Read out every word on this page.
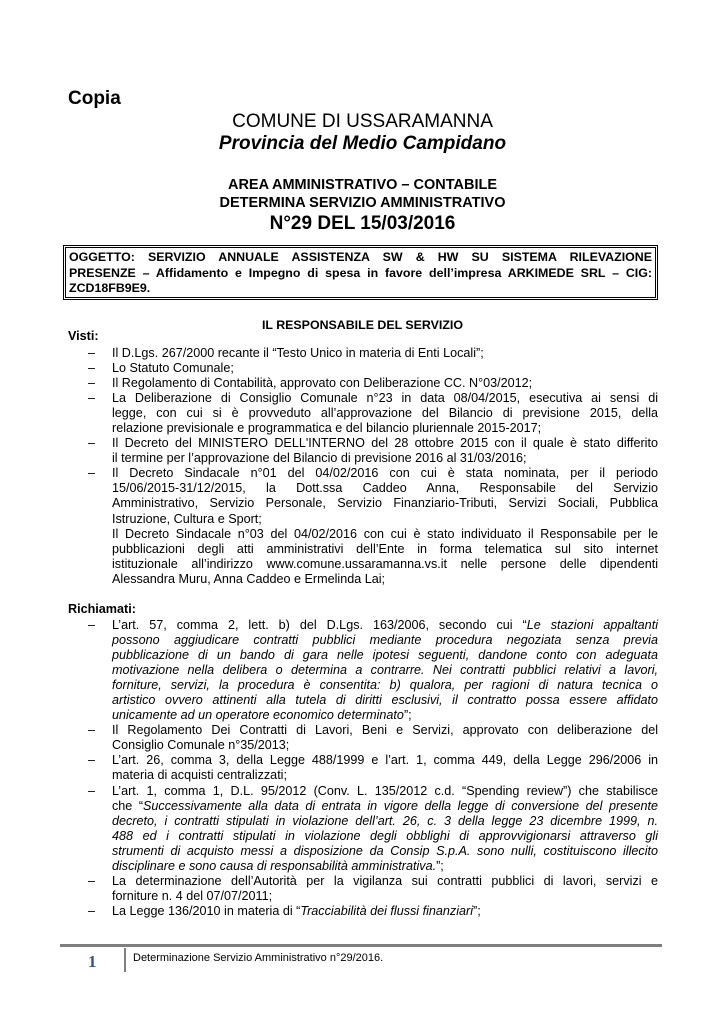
Copia
COMUNE DI USSARAMANNA
Provincia del Medio Campidano
AREA AMMINISTRATIVO – CONTABILE
DETERMINA SERVIZIO AMMINISTRATIVO
N°29 DEL 15/03/2016
OGGETTO: SERVIZIO ANNUALE ASSISTENZA SW & HW SU SISTEMA RILEVAZIONE
PRESENZE – Affidamento e Impegno di spesa in favore dell’impresa ARKIMEDE SRL – CIG:
ZCD18FB9E9.
IL RESPONSABILE DEL SERVIZIO
Visti:
–	Il D.Lgs. 267/2000 recante il “Testo Unico in materia di Enti Locali”;
–	Lo Statuto Comunale;
–	Il Regolamento di Contabilità, approvato con Deliberazione CC. N°03/2012;
–	La Deliberazione di Consiglio Comunale n°23 in data 08/04/2015, esecutiva ai sensi di
legge, con cui si è provveduto all’approvazione del Bilancio di previsione 2015, della
relazione previsionale e programmatica e del bilancio pluriennale 2015-2017;
–	Il Decreto del MINISTERO DELL'INTERNO del 28 ottobre 2015 con il quale è stato differito
il termine per l’approvazione del Bilancio di previsione 2016 al 31/03/2016;
–	Il Decreto Sindacale n°01 del 04/02/2016 con cui è stata nominata, per il periodo
15/06/2015-31/12/2015, la Dott.ssa Caddeo Anna, Responsabile del Servizio
Amministrativo, Servizio Personale, Servizio Finanziario-Tributi, Servizi Sociali, Pubblica
Istruzione, Cultura e Sport;
Il Decreto Sindacale n°03 del 04/02/2016 con cui è stato individuato il Responsabile per le
pubblicazioni degli atti amministrativi dell’Ente in forma telematica sul sito internet
istituzionale all’indirizzo www.comune.ussaramanna.vs.it nelle persone delle dipendenti
Alessandra Muru, Anna Caddeo e Ermelinda Lai;
Richiamati:
–	L’art. 57, comma 2, lett. b) del D.Lgs. 163/2006, secondo cui “Le stazioni appaltanti
possono aggiudicare contratti pubblici mediante procedura negoziata senza previa
pubblicazione di un bando di gara nelle ipotesi seguenti, dandone conto con adeguata
motivazione nella delibera o determina a contrarre. Nei contratti pubblici relativi a lavori,
forniture, servizi, la procedura è consentita: b) qualora, per ragioni di natura tecnica o
artistico ovvero attinenti alla tutela di diritti esclusivi, il contratto possa essere affidato
unicamente ad un operatore economico determinato”;
–	Il Regolamento Dei Contratti di Lavori, Beni e Servizi, approvato con deliberazione del
Consiglio Comunale n°35/2013;
–	L’art. 26, comma 3, della Legge 488/1999 e l’art. 1, comma 449, della Legge 296/2006 in
materia di acquisti centralizzati;
–	L’art. 1, comma 1, D.L. 95/2012 (Conv. L. 135/2012 c.d. “Spending review”) che stabilisce
che “Successivamente alla data di entrata in vigore della legge di conversione del presente
decreto, i contratti stipulati in violazione dell’art. 26, c. 3 della legge 23 dicembre 1999, n.
488 ed i contratti stipulati in violazione degli obblighi di approvvigionarsi attraverso gli
strumenti di acquisto messi a disposizione da Consip S.p.A. sono nulli, costituiscono illecito
disciplinare e sono causa di responsabilità amministrativa.”;
–	La determinazione dell’Autorità per la vigilanza sui contratti pubblici di lavori, servizi e
forniture n. 4 del 07/07/2011;
–	La Legge 136/2010 in materia di “Tracciabilità dei flussi finanziari”;
1	Determinazione Servizio Amministrativo n°29/2016.
